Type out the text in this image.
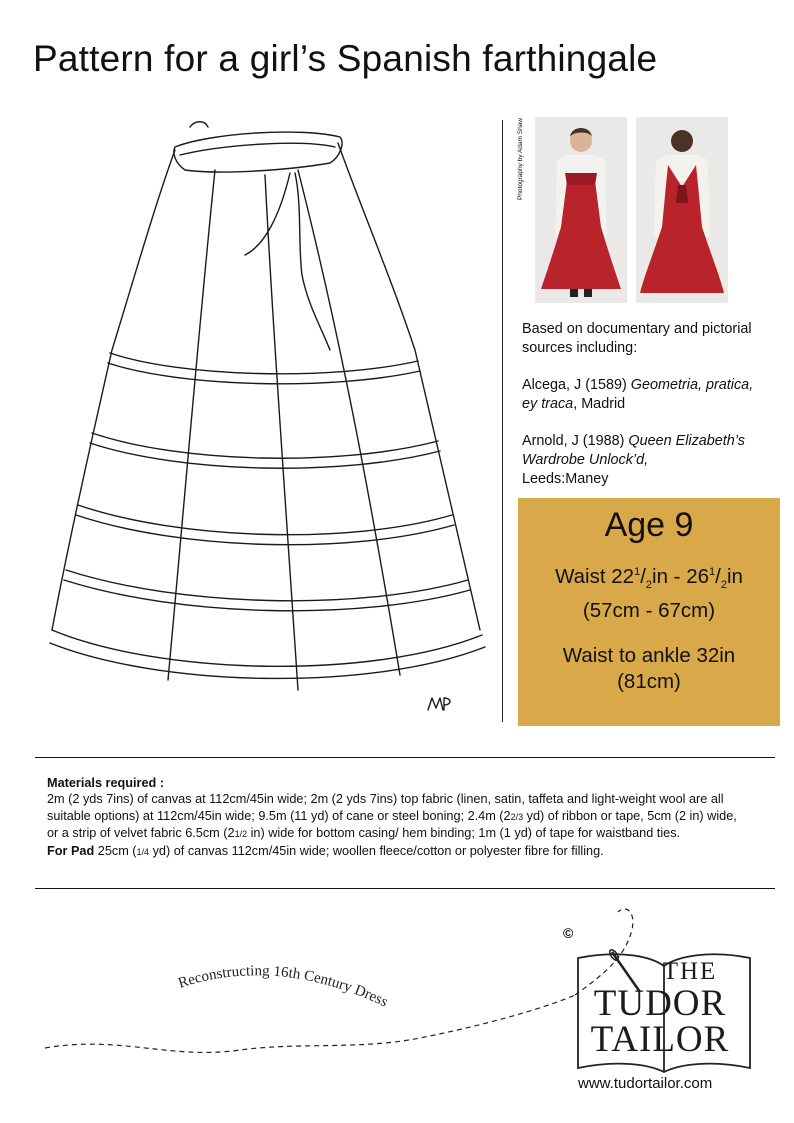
Pattern for a girl’s Spanish farthingale
MP
Photography by Adam Shaw

Based on documentary and pictorial sources including:

Alcega, J (1589) Geometria, pratica, ey traca, Madrid

Arnold, J (1988) Queen Elizabeth’s Wardrobe Unlock’d,
Leeds:Maney

Age 9
Waist $22^1/_2in - 26^1/_2in$
(57cm - 67cm)
Waist to ankle 32in
(81cm)
Materials required :
2m (2 yds 7ins) of canvas at 112cm/45in wide; 2m (2 yds 7ins) top fabric (linen, satin, taffeta and light-weight wool are all suitable options) at 112cm/45in wide; 9.5m (11 yd) of cane or steel boning; 2.4m (22/3 yd) of ribbon or tape, 5cm (2 in) wide, or a strip of velvet fabric 6.5cm (21/2 in) wide for bottom casing/ hem binding; 1m (1 yd) of tape for waistband ties.
For Pad 25cm (1/4 yd) of canvas 112cm/45in wide; woollen fleece/cotton or polyester fibre for filling.
Reconstructing 16th Century Dress
©
THE
TUDOR
TAILOR
www.tudortailor.com
